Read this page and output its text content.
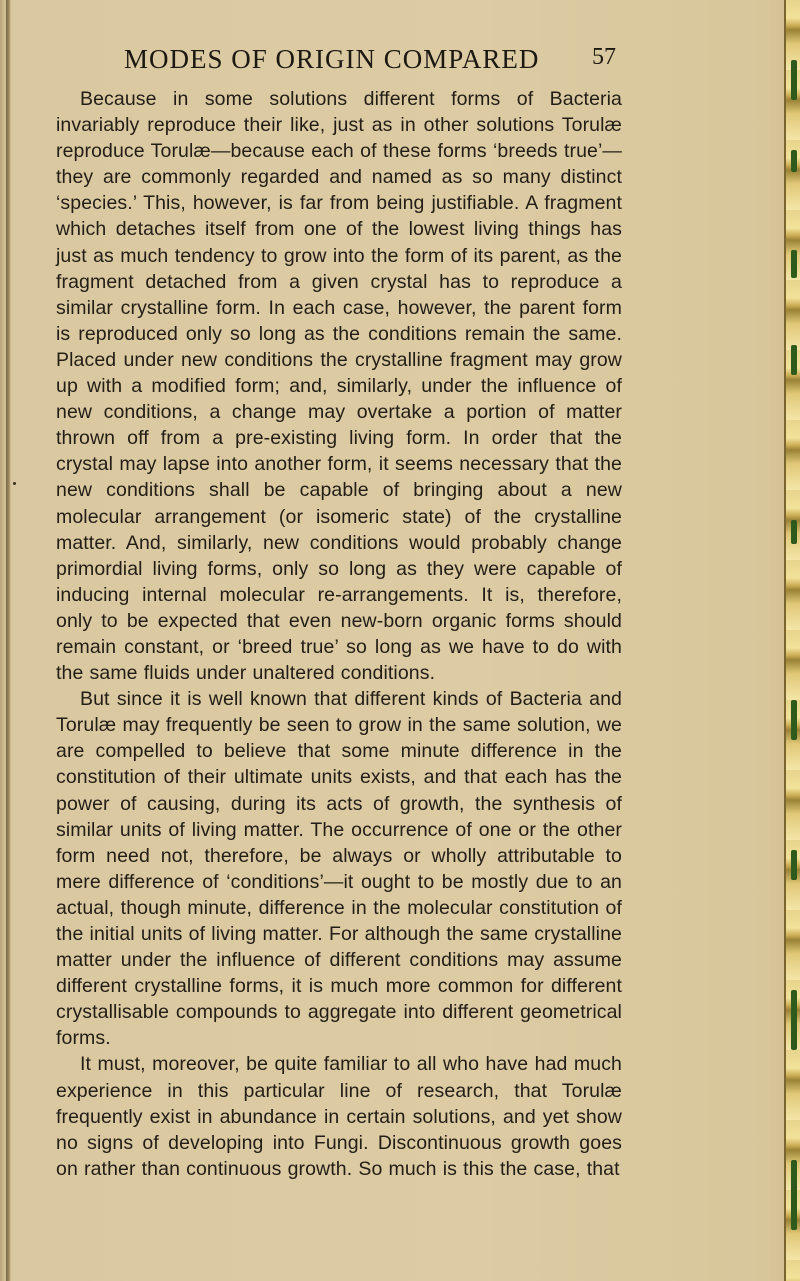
MODES OF ORIGIN COMPARED 57

Because in some solutions different forms of Bacteria invariably reproduce their like, just as in other solutions Torulæ reproduce Torulæ—because each of these forms ‘breeds true’—they are commonly regarded and named as so many distinct ‘species.’ This, however, is far from being justifiable. A fragment which detaches itself from one of the lowest living things has just as much tendency to grow into the form of its parent, as the fragment detached from a given crystal has to reproduce a similar crystalline form. In each case, however, the parent form is reproduced only so long as the conditions remain the same. Placed under new conditions the crystalline fragment may grow up with a modified form; and, similarly, under the influence of new conditions, a change may overtake a portion of matter thrown off from a pre-existing living form. In order that the crystal may lapse into another form, it seems necessary that the new conditions shall be capable of bringing about a new molecular arrangement (or isomeric state) of the crystalline matter. And, similarly, new conditions would probably change primordial living forms, only so long as they were capable of inducing internal molecular re-arrangements. It is, therefore, only to be expected that even new-born organic forms should remain constant, or ‘breed true’ so long as we have to do with the same fluids under unaltered conditions.

But since it is well known that different kinds of Bacteria and Torulæ may frequently be seen to grow in the same solution, we are compelled to believe that some minute difference in the constitution of their ultimate units exists, and that each has the power of causing, during its acts of growth, the synthesis of similar units of living matter. The occurrence of one or the other form need not, therefore, be always or wholly attributable to mere difference of ‘conditions’—it ought to be mostly due to an actual, though minute, difference in the molecular constitution of the initial units of living matter. For although the same crystalline matter under the influence of different conditions may assume different crystalline forms, it is much more common for different crystallisable compounds to aggregate into different geometrical forms.

It must, moreover, be quite familiar to all who have had much experience in this particular line of research, that Torulæ frequently exist in abundance in certain solutions, and yet show no signs of developing into Fungi. Discontinuous growth goes on rather than continuous growth. So much is this the case, that
